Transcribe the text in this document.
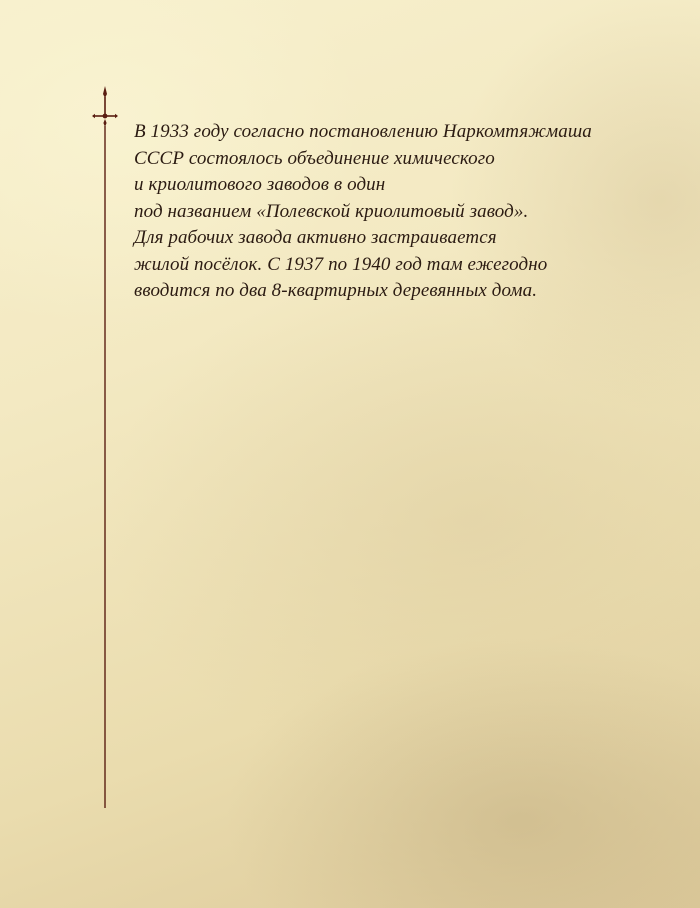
В 1933 году согласно постановлению Наркомтяжмаша
СССР состоялось объединение химического
и криолитового заводов в один
под названием «Полевской криолитовый завод».
Для рабочих завода активно застраивается
жилой посёлок. С 1937 по 1940 год там ежегодно
вводится по два 8-квартирных деревянных дома.
